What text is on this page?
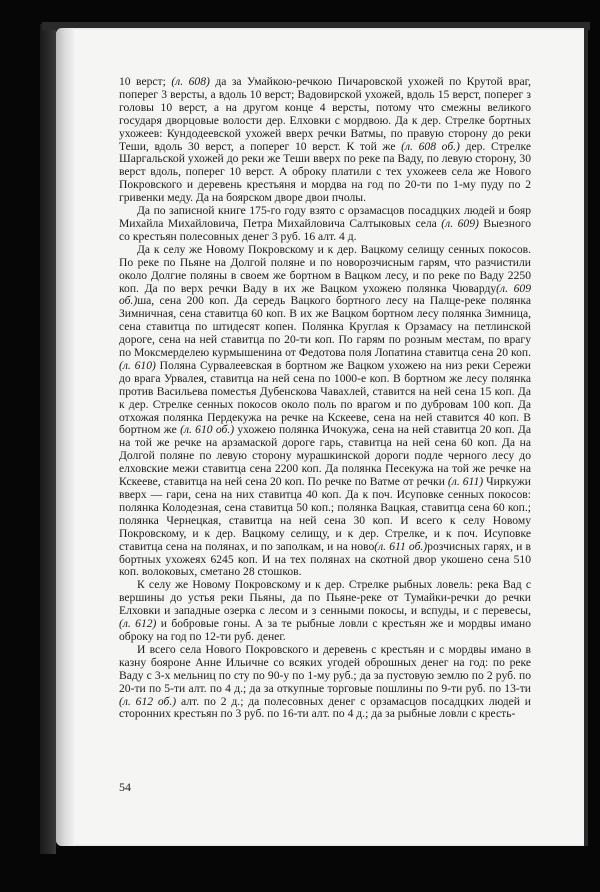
10 верст; (л. 608) да за Умайкою-речкою Пичаровской ухожей по Крутой враг, поперег 3 версты, а вдоль 10 верст; Вадовирской ухожей, вдоль 15 верст, поперег з головы 10 верст, а на другом конце 4 версты, потому что смежны великого государя дворцовые волости дер. Елховки с мордвою. Да к дер. Стрелке бортных ухожеев: Кундодеевской ухожей вверх речки Ватмы, по правую сторону до реки Теши, вдоль 30 верст, а поперег 10 верст. К той же (л. 608 об.) дер. Стрелке Шаргальской ухожей до реки же Теши вверх по реке па Ваду, по левую сторону, 30 верст вдоль, поперег 10 верст. А оброку платили с тех ухожеев села же Нового Покровского и деревень крестьяня и мордва на год по 20-ти по 1-му пуду по 2 гривенки меду. Да на боярском дворе двои пчолы.

Да по записной книге 175-го году взято с орзамасцов посадцких людей и бояр Михайла Михайловича, Петра Михайловича Салтыковых села (л. 609) Выезного со крестьян полесовных денег 3 руб. 16 алт. 4 д.

Да к селу же Новому Покровскому и к дер. Вацкому селищу сенных покосов. По реке по Пьяне на Долгой поляне и по новорозчисным гарям, что разчистили около Долгие поляны в своем же бортном в Вацком лесу, и по реке по Ваду 2250 коп. Да по верх речки Ваду в их же Вацком ухожею полянка Чюварду(л. 609 об.)ша, сена 200 коп. Да середь Вацкого бортного лесу на Палце-реке полянка Зимничная, сена ставитца 60 коп. В их же Вацком бортном лесу полянка Зимница, сена ставитца по штидесят копен. Полянка Круглая к Орзамасу на петлинской дороге, сена на ней ставитца по 20-ти коп. По гарям по розным местам, по врагу по Моксмерделею курмышенина от Федотова поля Лопатина ставитца сена 20 коп. (л. 610) Поляна Сурвалеевская в бортном же Вацком ухожею на низ реки Сережи до врага Урвалея, ставитца на ней сена по 1000-е коп. В бортном же лесу полянка против Васильева поместья Дубенскова Чавахлей, ставится на ней сена 15 коп. Да к дер. Стрелке сенных покосов около поль по врагом и по дубровам 100 коп. Да отхожая полянка Пердекужа на речке на Кскееве, сена на ней ставится 40 коп. В бортном же (л. 610 об.) ухожею полянка Ичокужа, сена на ней ставитца 20 коп. Да на той же речке на арзамаской дороге гарь, ставитца на ней сена 60 коп. Да на Долгой поляне по левую сторону мурашкинской дороги подле черного лесу до елховские межи ставитца сена 2200 коп. Да полянка Песекужа на той же речке на Кскееве, ставитца на ней сена 20 коп. По речке по Ватме от речки (л. 611) Чиркужи вверх — гари, сена на них ставитца 40 коп. Да к поч. Исуповке сенных покосов: полянка Колодезная, сена ставитца 50 коп.; полянка Вацкая, ставитца сена 60 коп.; полянка Чернецкая, ставитца на ней сена 30 коп. И всего к селу Новому Покровскому, и к дер. Вацкому селищу, и к дер. Стрелке, и к поч. Исуповке ставитца сена на полянах, и по заполкам, и на ново(л. 611 об.)розчисных гарях, и в бортных ухожеях 6245 коп. И на тех полянах на скотной двор укошено сена 510 коп. волоковых, сметано 28 стошков.

К селу же Новому Покровскому и к дер. Стрелке рыбных ловель: река Вад с вершины до устья реки Пьяны, да по Пьяне-реке от Тумайки-речки до речки Елховки и западные озерка с лесом и з сенными покосы, и вспуды, и с перевесы, (л. 612) и бобровые гоны. А за те рыбные ловли с крестьян же и мордвы имано оброку на год по 12-ти руб. денег.

И всего села Нового Покровского и деревень с крестьян и с мордвы имано в казну бояроне Анне Ильичне со всяких угодей оброшных денег на год: по реке Ваду с 3-х мельниц по сту по 90-у по 1-му руб.; да за пустовую землю по 2 руб. по 20-ти по 5-ти алт. по 4 д.; да за откупные торговые пошлины по 9-ти руб. по 13-ти (л. 612 об.) алт. по 2 д.; да полесовных денег с орзамасцов посадцких людей и сторонних крестьян по 3 руб. по 16-ти алт. по 4 д.; да за рыбные ловли с кресть-

54
